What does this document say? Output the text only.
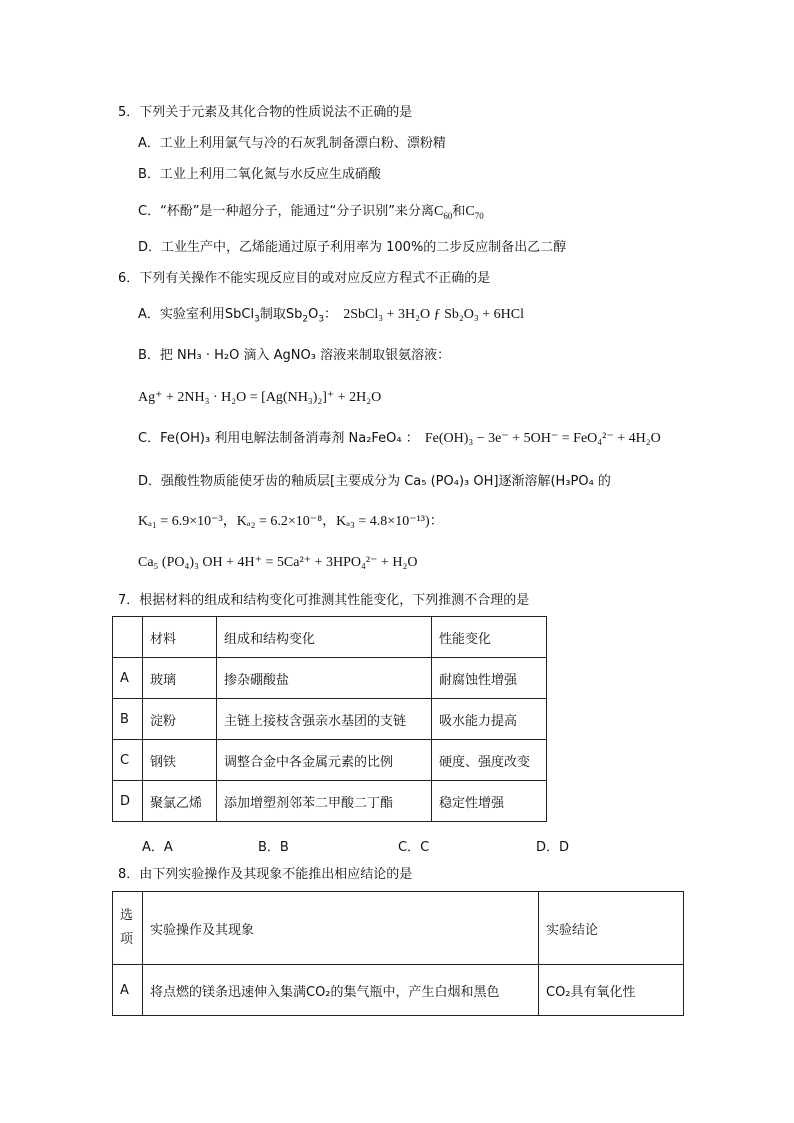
5．下列关于元素及其化合物的性质说法不正确的是
A．工业上利用氯气与冷的石灰乳制备漂白粉、漂粉精
B．工业上利用二氧化氮与水反应生成硝酸
C．“杯酚”是一种超分子，能通过“分子识别”来分离$C_{60}$和$C_{70}$
D．工业生产中，乙烯能通过原子利用率为 100%的二步反应制备出乙二醇
6．下列有关操作不能实现反应目的或对应反应方程式不正确的是
A．实验室利用SbCl$_3$制取$Sb_2O_3$： 2SbCl₃ + 3H₂O ƒ Sb₂O₃ + 6HCl
B．把 NH₃ · H₂O 滴入 AgNO₃ 溶液来制取银氨溶液：
Ag⁺ + 2NH₃ · H₂O = [Ag(NH₃)₂]⁺ + 2H₂O
C．Fe(OH)₃ 利用电解法制备消毒剂 Na₂FeO₄ ： Fe(OH)₃ − 3e⁻ + 5OH⁻ = FeO₄²⁻ + 4H₂O
D．强酸性物质能使牙齿的釉质层[主要成分为 Ca₅ (PO₄)₃ OH]逐渐溶解(H₃PO₄ 的
Kₐ₁ = 6.9×10⁻³，Kₐ₂ = 6.2×10⁻⁸，Kₐ₃ = 4.8×10⁻¹³)：
Ca₅ (PO₄)₃ OH + 4H⁺ = 5Ca²⁺ + 3HPO₄²⁻ + H₂O
7．根据材料的组成和结构变化可推测其性能变化，下列推测不合理的是
	材料	组成和结构变化	性能变化
A	玻璃	掺杂硼酸盐	耐腐蚀性增强
B	淀粉	主链上接枝含强亲水基团的支链	吸水能力提高
C	钢铁	调整合金中各金属元素的比例	硬度、强度改变
D	聚氯乙烯	添加增塑剂邻苯二甲酸二丁酯	稳定性增强
A．A	B．B	C．C	D．D
8．由下列实验操作及其现象不能推出相应结论的是
选
项	实验操作及其现象	实验结论
A	将点燃的镁条迅速伸入集满CO₂的集气瓶中，产生白烟和黑色	CO₂具有氧化性
